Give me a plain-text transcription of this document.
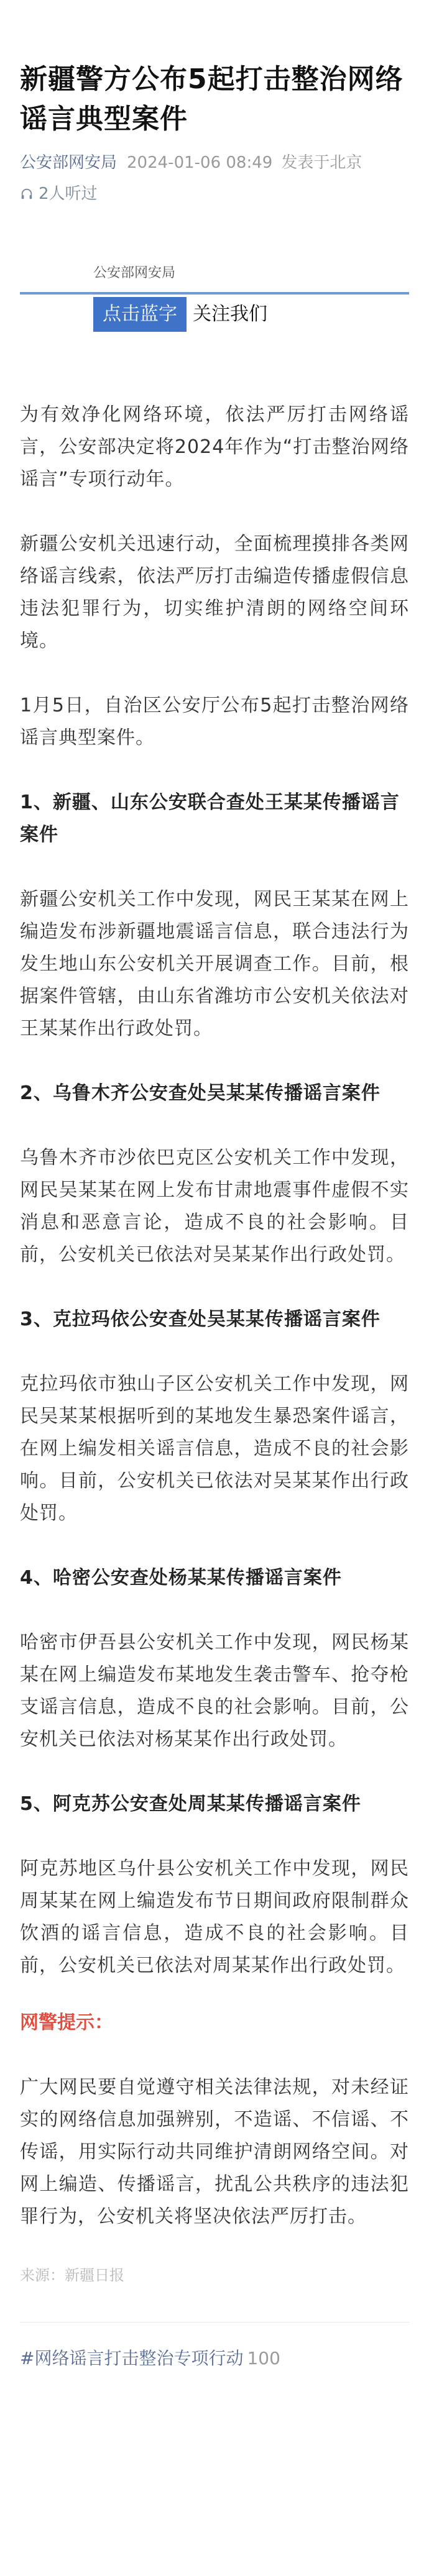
新疆警方公布5起打击整治网络谣言典型案件
公安部网安局 2024-01-06 08:49 发表于北京
2人听过
公安部网安局
点击蓝字 关注我们

为有效净化网络环境，依法严厉打击网络谣言，公安部决定将2024年作为“打击整治网络谣言”专项行动年。

新疆公安机关迅速行动，全面梳理摸排各类网络谣言线索，依法严厉打击编造传播虚假信息违法犯罪行为，切实维护清朗的网络空间环境。

1月5日，自治区公安厅公布5起打击整治网络谣言典型案件。

1、新疆、山东公安联合查处王某某传播谣言案件

新疆公安机关工作中发现，网民王某某在网上编造发布涉新疆地震谣言信息，联合违法行为发生地山东公安机关开展调查工作。目前，根据案件管辖，由山东省潍坊市公安机关依法对王某某作出行政处罚。

2、乌鲁木齐公安查处吴某某传播谣言案件

乌鲁木齐市沙依巴克区公安机关工作中发现，网民吴某某在网上发布甘肃地震事件虚假不实消息和恶意言论，造成不良的社会影响。目前，公安机关已依法对吴某某作出行政处罚。

3、克拉玛依公安查处吴某某传播谣言案件

克拉玛依市独山子区公安机关工作中发现，网民吴某某根据听到的某地发生暴恐案件谣言，在网上编发相关谣言信息，造成不良的社会影响。目前，公安机关已依法对吴某某作出行政处罚。

4、哈密公安查处杨某某传播谣言案件

哈密市伊吾县公安机关工作中发现，网民杨某某在网上编造发布某地发生袭击警车、抢夺枪支谣言信息，造成不良的社会影响。目前，公安机关已依法对杨某某作出行政处罚。

5、阿克苏公安查处周某某传播谣言案件

阿克苏地区乌什县公安机关工作中发现，网民周某某在网上编造发布节日期间政府限制群众饮酒的谣言信息，造成不良的社会影响。目前，公安机关已依法对周某某作出行政处罚。

网警提示：

广大网民要自觉遵守相关法律法规，对未经证实的网络信息加强辨别，不造谣、不信谣、不传谣，用实际行动共同维护清朗网络空间。对网上编造、传播谣言，扰乱公共秩序的违法犯罪行为，公安机关将坚决依法严厉打击。

来源：新疆日报

#网络谣言打击整治专项行动 100
